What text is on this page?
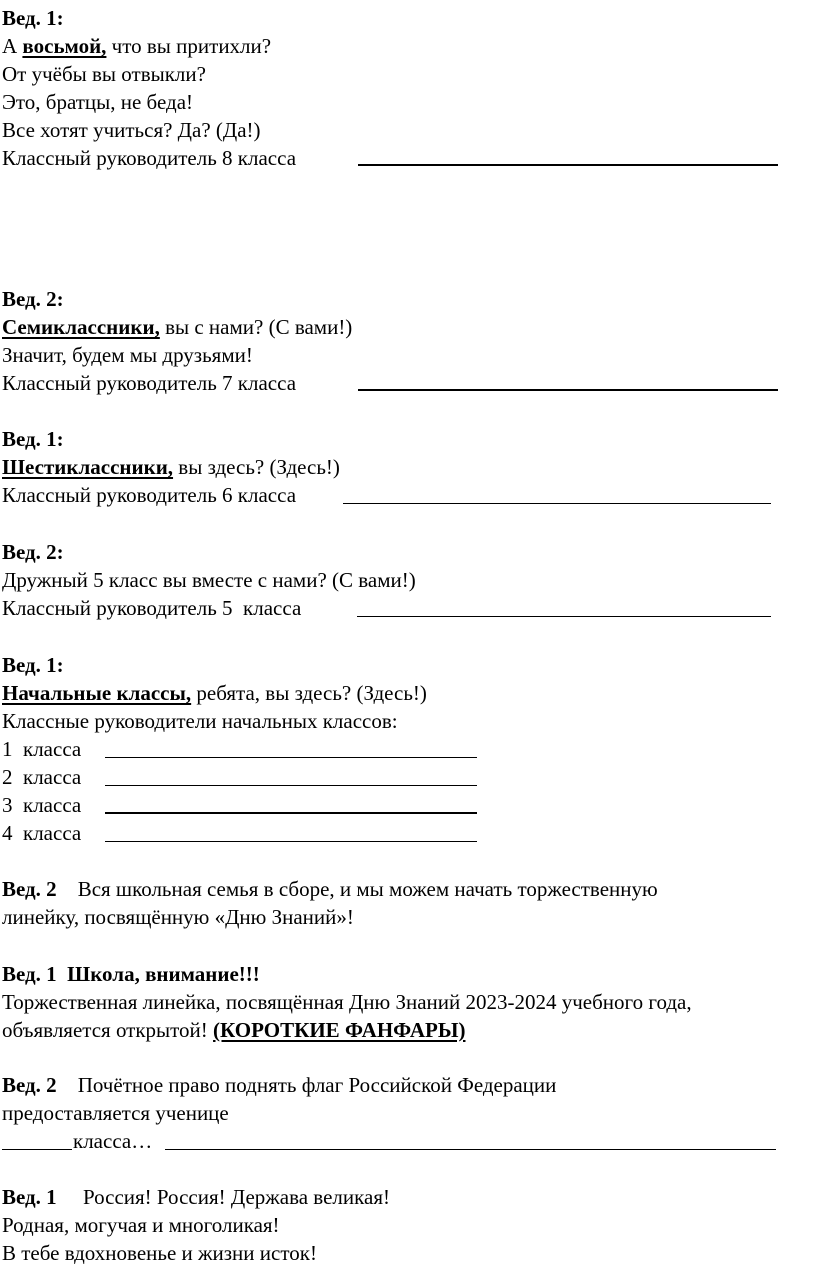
Вед. 1:
А восьмой, что вы притихли?
От учёбы вы отвыкли?
Это, братцы, не беда!
Все хотят учиться? Да? (Да!)
Классный руководитель 8 класса
Вед. 2:
Семиклассники, вы с нами? (С вами!)
Значит, будем мы друзьями!
Классный руководитель 7 класса
Вед. 1:
Шестиклассники, вы здесь? (Здесь!)
Классный руководитель 6 класса
Вед. 2:
Дружный 5 класс вы вместе с нами? (С вами!)
Классный руководитель 5  класса
Вед. 1:
Начальные классы, ребята, вы здесь? (Здесь!)
Классные руководители начальных классов:
1  класса
2  класса
3  класса
4  класса
Вед. 2    Вся школьная семья в сборе, и мы можем начать торжественную
линейку, посвящённую «Дню Знаний»!
Вед. 1  Школа, внимание!!!
Торжественная линейка, посвящённая Дню Знаний 2023-2024 учебного года,
объявляется открытой! (КОРОТКИЕ ФАНФАРЫ)
Вед. 2    Почётное право поднять флаг Российской Федерации
предоставляется ученице
класса…
Вед. 1     Россия! Россия! Держава великая!
Родная, могучая и многоликая!
В тебе вдохновенье и жизни исток!
